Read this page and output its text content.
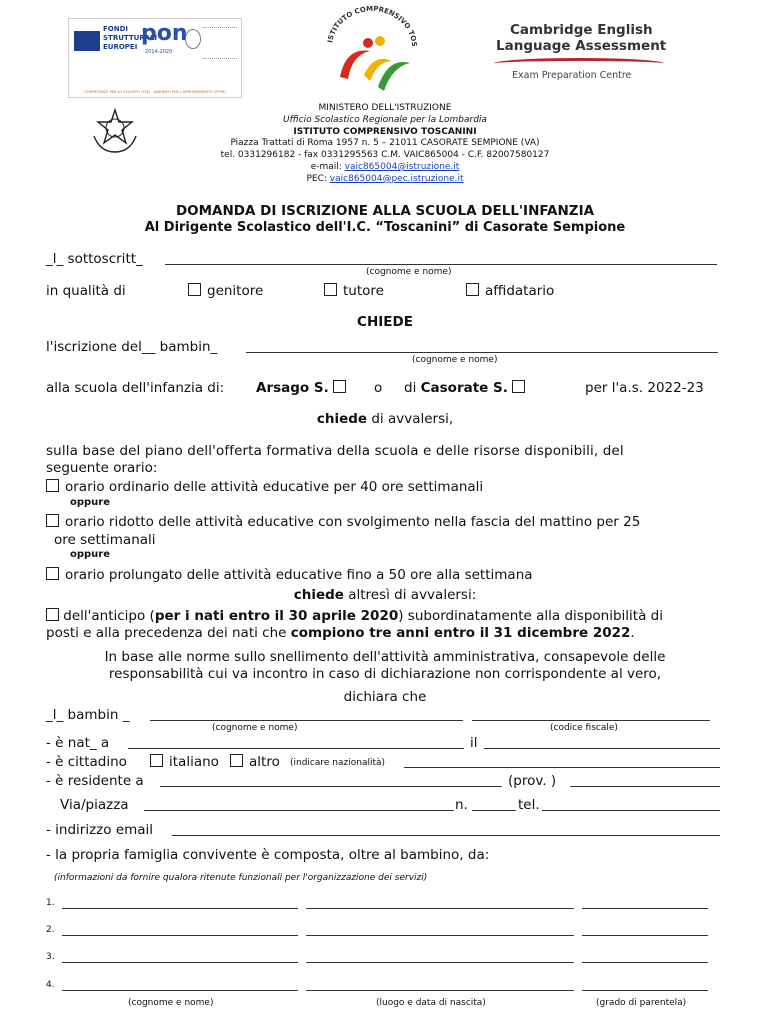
FONDI
STRUTTURALI
EUROPEI
pon
2014-2020
COMPETENZE PER LO SVILUPPO (FSE) - AMBIENTI PER L'APPRENDIMENTO (FESR)
ISTITUTO COMPRENSIVO TOS
Cambridge English
Language Assessment
Exam Preparation Centre
MINISTERO DELL'ISTRUZIONE
Ufficio Scolastico Regionale per la Lombardia
ISTITUTO COMPRENSIVO TOSCANINI
Piazza Trattati di Roma 1957 n. 5 – 21011 CASORATE SEMPIONE (VA)
tel. 0331296182 - fax 0331295563 C.M. VAIC865004 - C.F. 82007580127
e-mail: vaic865004@istruzione.it
PEC: vaic865004@pec.istruzione.it
DOMANDA DI ISCRIZIONE ALLA SCUOLA DELL'INFANZIA
Al Dirigente Scolastico dell'I.C. “Toscanini” di Casorate Sempione
_l_ sottoscritt_
(cognome e nome)
in qualità di	genitore	tutore	affidatario
CHIEDE
l'iscrizione del__ bambin_
(cognome e nome)
alla scuola dell'infanzia di: Arsago S.	o di Casorate S.	per l'a.s. 2022-23
chiede di avvalersi,
sulla base del piano dell'offerta formativa della scuola e delle risorse disponibili, del
seguente orario:
orario ordinario delle attività educative per 40 ore settimanali
oppure
orario ridotto delle attività educative con svolgimento nella fascia del mattino per 25
ore settimanali
oppure
orario prolungato delle attività educative fino a 50 ore alla settimana
chiede altresì di avvalersi:
dell'anticipo (per i nati entro il 30 aprile 2020) subordinatamente alla disponibilità di
posti e alla precedenza dei nati che compiono tre anni entro il 31 dicembre 2022.
In base alle norme sullo snellimento dell'attività amministrativa, consapevole delle
responsabilità cui va incontro in caso di dichiarazione non corrispondente al vero,
dichiara che
_l_ bambin _
(cognome e nome)	(codice fiscale)
- è nat_ a	il
- è cittadino	italiano	altro (indicare nazionalità)
- è residente a	(prov. )
Via/piazza	n.	tel.
- indirizzo email
- la propria famiglia convivente è composta, oltre al bambino, da:
(informazioni da fornire qualora ritenute funzionali per l'organizzazione dei servizi)
1.
2.
3.
4.
(cognome e nome)	(luogo e data di nascita)	(grado di parentela)
